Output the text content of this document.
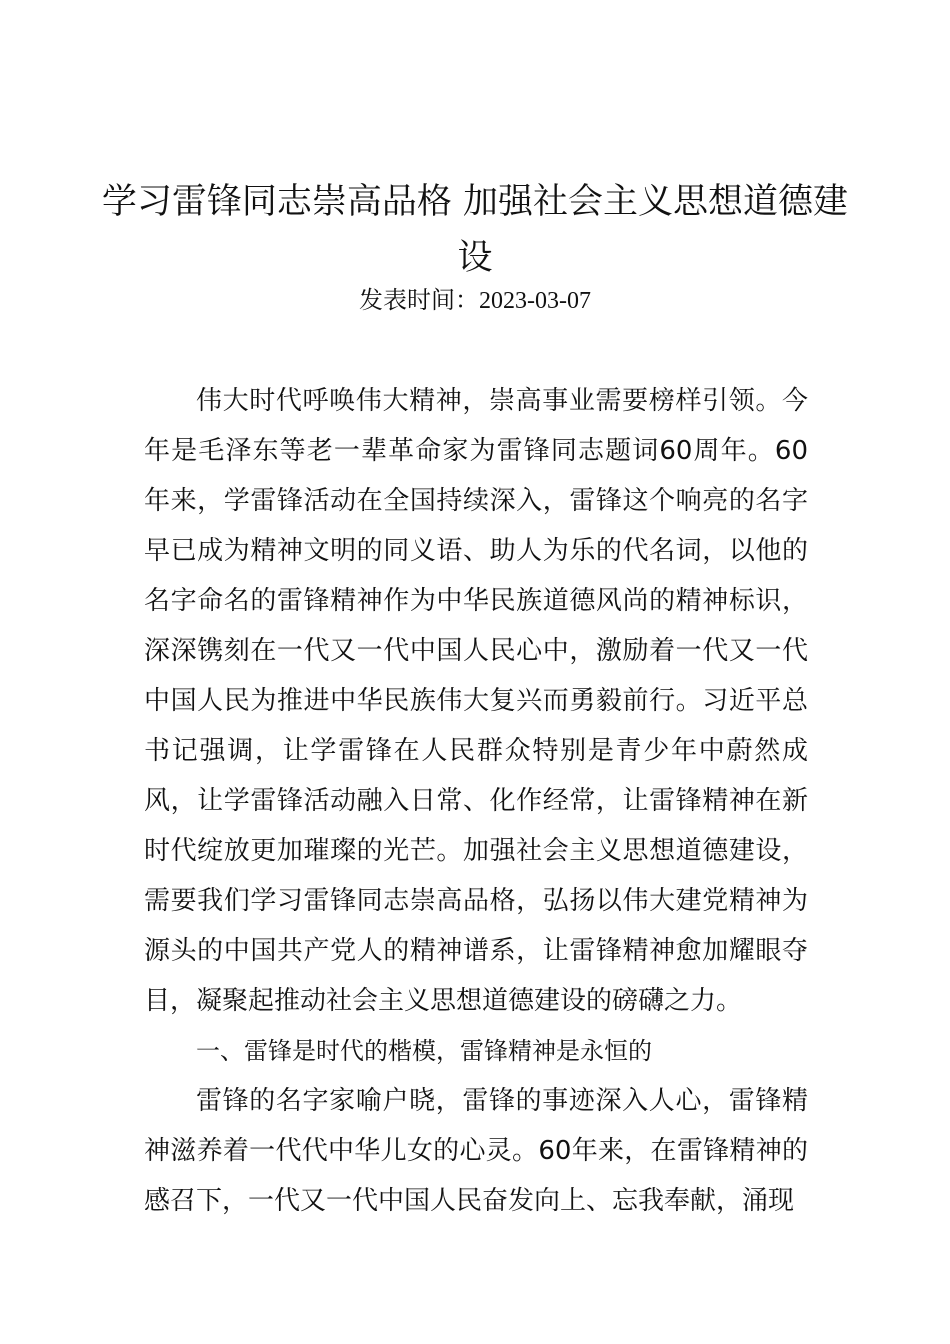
学习雷锋同志崇高品格 加强社会主义思想道德建设
发表时间：2023-03-07

伟大时代呼唤伟大精神，崇高事业需要榜样引领。今年是毛泽东等老一辈革命家为雷锋同志题词60周年。60年来，学雷锋活动在全国持续深入，雷锋这个响亮的名字早已成为精神文明的同义语、助人为乐的代名词，以他的名字命名的雷锋精神作为中华民族道德风尚的精神标识，深深镌刻在一代又一代中国人民心中，激励着一代又一代中国人民为推进中华民族伟大复兴而勇毅前行。习近平总书记强调，让学雷锋在人民群众特别是青少年中蔚然成风，让学雷锋活动融入日常、化作经常，让雷锋精神在新时代绽放更加璀璨的光芒。加强社会主义思想道德建设，需要我们学习雷锋同志崇高品格，弘扬以伟大建党精神为源头的中国共产党人的精神谱系，让雷锋精神愈加耀眼夺目，凝聚起推动社会主义思想道德建设的磅礴之力。

一、雷锋是时代的楷模，雷锋精神是永恒的

雷锋的名字家喻户晓，雷锋的事迹深入人心，雷锋精神滋养着一代代中华儿女的心灵。60年来，在雷锋精神的感召下，一代又一代中国人民奋发向上、忘我奉献，涌现
